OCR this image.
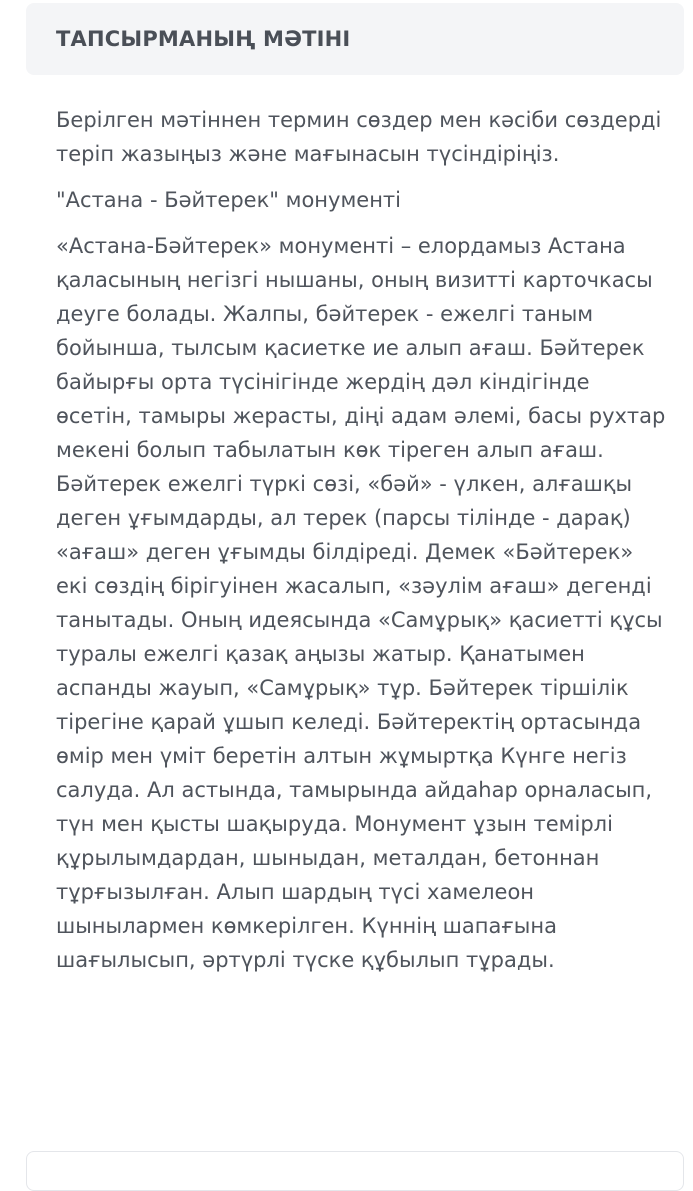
ТАПСЫРМАНЫҢ МӘТІНІ

Берілген мәтіннен термин сөздер мен кәсіби сөздерді теріп жазыңыз және мағынасын түсіндіріңіз.

"Астана - Бәйтерек" монументі

«Астана-Бәйтерек» монументі – елордамыз Астана қаласының негізгі нышаны, оның визитті карточкасы деуге болады. Жалпы, бәйтерек - ежелгі таным бойынша, тылсым қасиетке ие алып ағаш. Бәйтерек байырғы орта түсінігінде жердің дәл кіндігінде өсетін, тамыры жерасты, діңі адам әлемі, басы рухтар мекені болып табылатын көк тіреген алып ағаш. Бәйтерек ежелгі түркі сөзі, «бәй» - үлкен, алғашқы деген ұғымдарды, ал терек (парсы тілінде - дарақ) «ағаш» деген ұғымды білдіреді. Демек «Бәйтерек» екі сөздің бірігуінен жасалып, «зәулім ағаш» дегенді танытады. Оның идеясында «Самұрық» қасиетті құсы туралы ежелгі қазақ аңызы жатыр. Қанатымен аспанды жауып, «Самұрық» тұр. Бәйтерек тіршілік тірегіне қарай ұшып келеді. Бәйтеректің ортасында өмір мен үміт беретін алтын жұмыртқа Күнге негіз салуда. Ал астында, тамырында айдаһар орналасып, түн мен қысты шақыруда. Монумент ұзын темірлі құрылымдардан, шыныдан, металдан, бетоннан тұрғызылған. Алып шардың түсі хамелеон шынылармен көмкерілген. Күннің шапағына шағылысып, әртүрлі түске құбылып тұрады.
